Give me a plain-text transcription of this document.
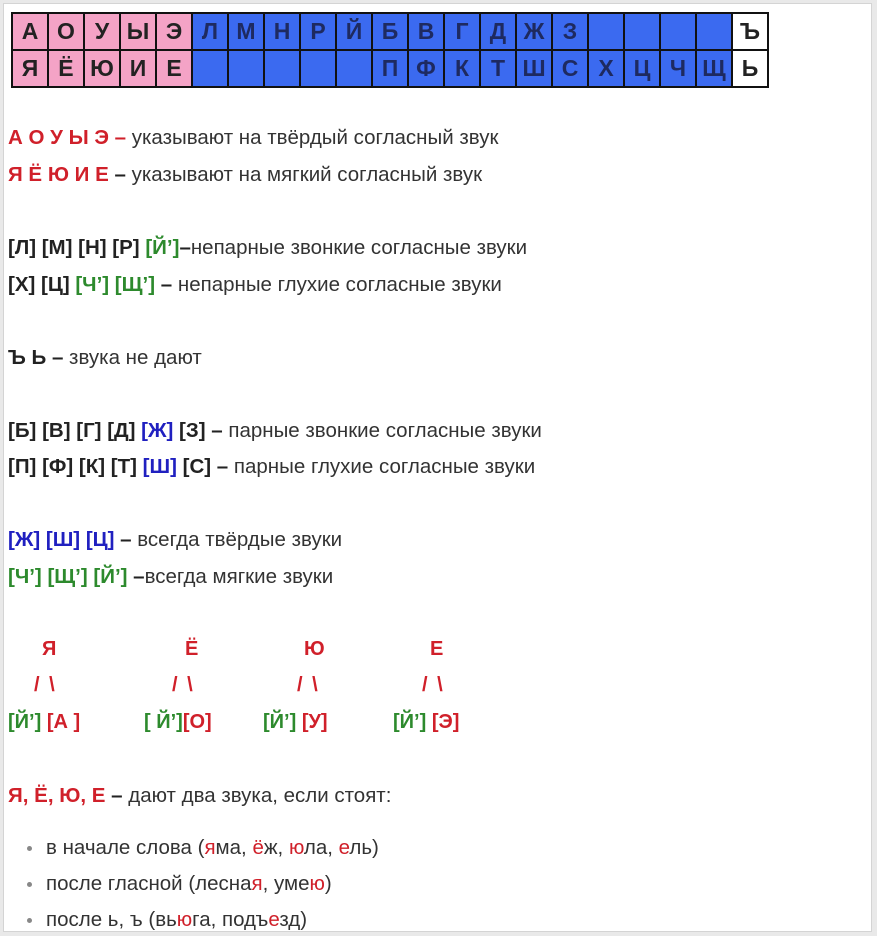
А	О	У	Ы	Э	Л	М	Н	Р	Й	Б	В	Г	Д	Ж	З					Ъ
Я	Ё	Ю	И	Е						П	Ф	К	Т	Ш	С	Х	Ц	Ч	Щ	Ь
А О У Ы Э – указывают на твёрдый согласный звук
Я Ё Ю И Е – указывают на мягкий согласный звук
[Л] [М] [Н] [Р] [Й’]–непарные звонкие согласные звуки
[Х] [Ц] [Ч’] [Щ’] – непарные глухие согласные звуки
Ъ Ь – звука не дают
[Б] [В] [Г] [Д] [Ж] [З] – парные звонкие согласные звуки
[П] [Ф] [К] [Т] [Ш] [С] – парные глухие согласные звуки
[Ж] [Ш] [Ц] – всегда твёрдые звуки
[Ч’] [Щ’] [Й’] –всегда мягкие звуки
Я
/ \
[Й’] [А ]
Ё
/ \
[ Й’][О]
Ю
/ \
[Й’] [У]
Е
/ \
[Й’] [Э]
Я, Ё, Ю, Е – дают два звука, если стоят:
в начале слова (яма, ёж, юла, ель)
после гласной (лесная, умею)
после ь, ъ (вьюга, подъезд)
